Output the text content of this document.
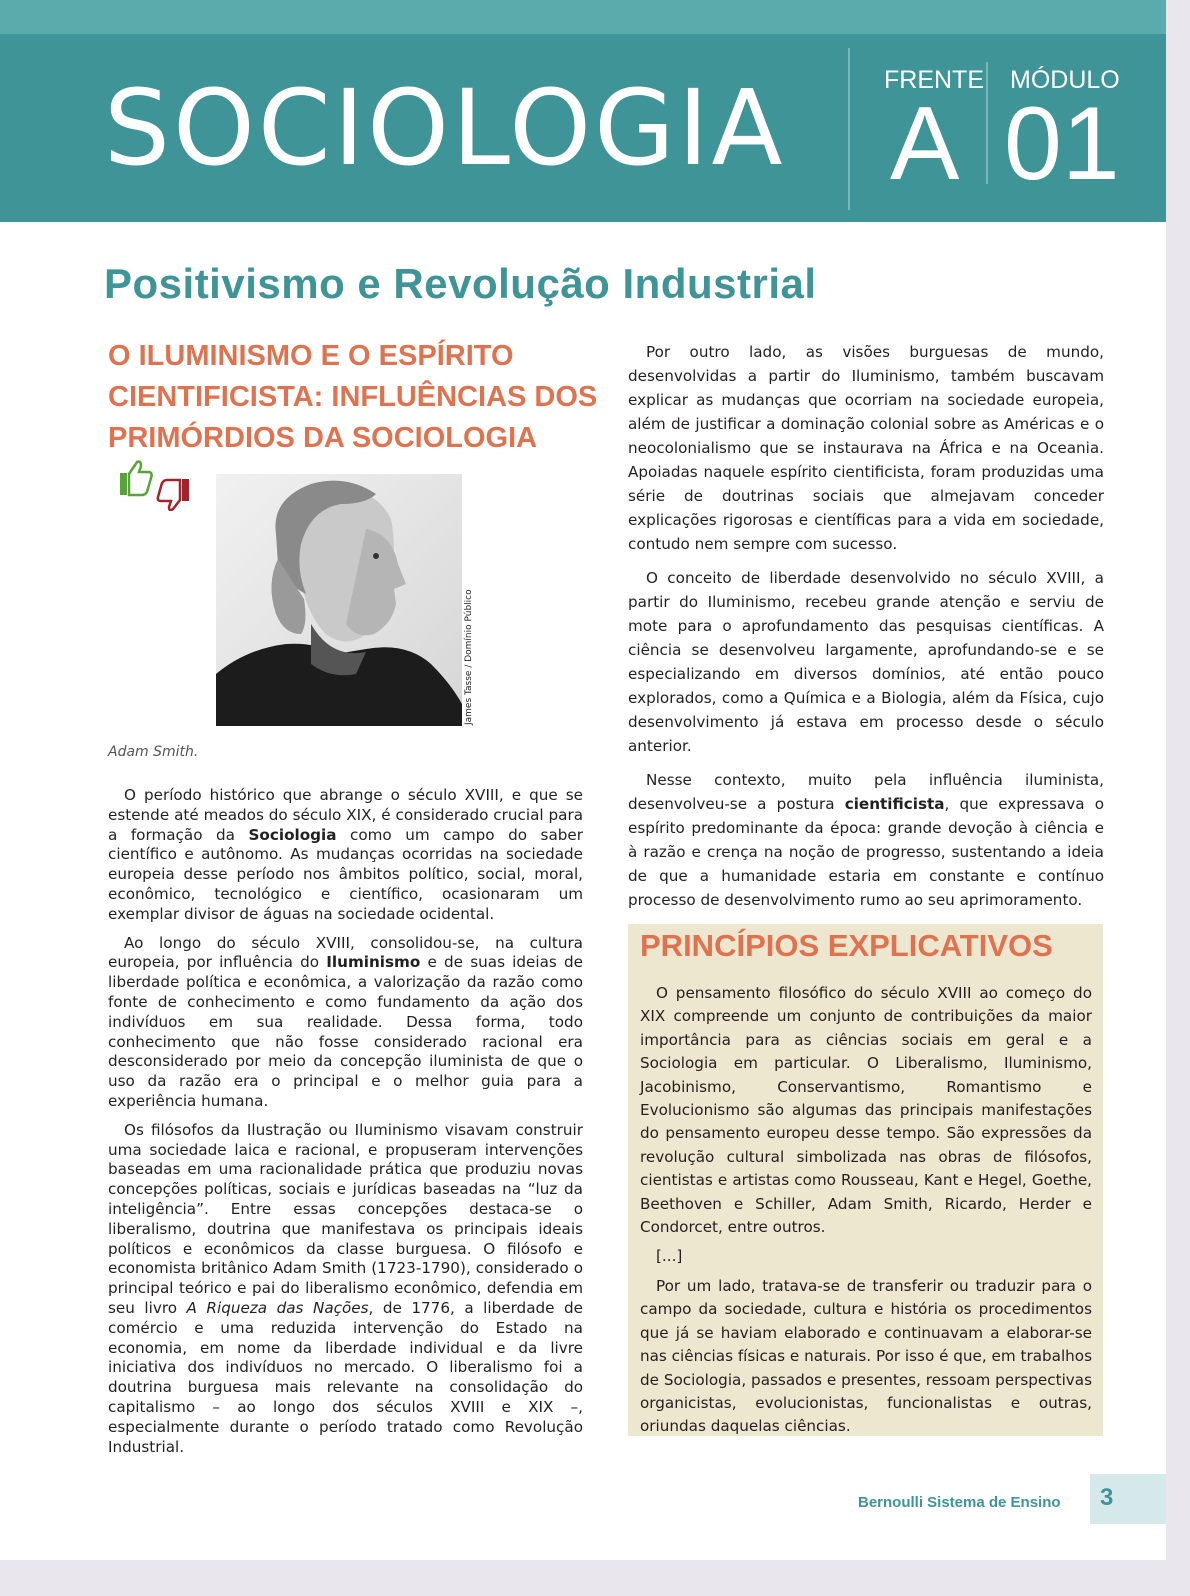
SOCIOLOGIA	FRENTE
A
MÓDULO
01
Positivismo e Revolução Industrial
O ILUMINISMO E O ESPÍRITO CIENTIFICISTA: INFLUÊNCIAS DOS PRIMÓRDIOS DA SOCIOLOGIA
James Tasse / Domínio Público
Adam Smith.

O período histórico que abrange o século XVIII, e que se estende até meados do século XIX, é considerado crucial para a formação da Sociologia como um campo do saber científico e autônomo. As mudanças ocorridas na sociedade europeia desse período nos âmbitos político, social, moral, econômico, tecnológico e científico, ocasionaram um exemplar divisor de águas na sociedade ocidental.

Ao longo do século XVIII, consolidou-se, na cultura europeia, por influência do Iluminismo e de suas ideias de liberdade política e econômica, a valorização da razão como fonte de conhecimento e como fundamento da ação dos indivíduos em sua realidade. Dessa forma, todo conhecimento que não fosse considerado racional era desconsiderado por meio da concepção iluminista de que o uso da razão era o principal e o melhor guia para a experiência humana.

Os filósofos da Ilustração ou Iluminismo visavam construir uma sociedade laica e racional, e propuseram intervenções baseadas em uma racionalidade prática que produziu novas concepções políticas, sociais e jurídicas baseadas na “luz da inteligência”. Entre essas concepções destaca-se o liberalismo, doutrina que manifestava os principais ideais políticos e econômicos da classe burguesa. O filósofo e economista britânico Adam Smith (1723-1790), considerado o principal teórico e pai do liberalismo econômico, defendia em seu livro A Riqueza das Nações, de 1776, a liberdade de comércio e uma reduzida intervenção do Estado na economia, em nome da liberdade individual e da livre iniciativa dos indivíduos no mercado. O liberalismo foi a doutrina burguesa mais relevante na consolidação do capitalismo – ao longo dos séculos XVIII e XIX –, especialmente durante o período tratado como Revolução Industrial.

Por outro lado, as visões burguesas de mundo, desenvolvidas a partir do Iluminismo, também buscavam explicar as mudanças que ocorriam na sociedade europeia, além de justificar a dominação colonial sobre as Américas e o neocolonialismo que se instaurava na África e na Oceania. Apoiadas naquele espírito cientificista, foram produzidas uma série de doutrinas sociais que almejavam conceder explicações rigorosas e científicas para a vida em sociedade, contudo nem sempre com sucesso.

O conceito de liberdade desenvolvido no século XVIII, a partir do Iluminismo, recebeu grande atenção e serviu de mote para o aprofundamento das pesquisas científicas. A ciência se desenvolveu largamente, aprofundando-se e se especializando em diversos domínios, até então pouco explorados, como a Química e a Biologia, além da Física, cujo desenvolvimento já estava em processo desde o século anterior.

Nesse contexto, muito pela influência iluminista, desenvolveu-se a postura cientificista, que expressava o espírito predominante da época: grande devoção à ciência e à razão e crença na noção de progresso, sustentando a ideia de que a humanidade estaria em constante e contínuo processo de desenvolvimento rumo ao seu aprimoramento.

PRINCÍPIOS EXPLICATIVOS

O pensamento filosófico do século XVIII ao começo do XIX compreende um conjunto de contribuições da maior importância para as ciências sociais em geral e a Sociologia em particular. O Liberalismo, Iluminismo, Jacobinismo, Conservantismo, Romantismo e Evolucionismo são algumas das principais manifestações do pensamento europeu desse tempo. São expressões da revolução cultural simbolizada nas obras de filósofos, cientistas e artistas como Rousseau, Kant e Hegel, Goethe, Beethoven e Schiller, Adam Smith, Ricardo, Herder e Condorcet, entre outros.

[...]

Por um lado, tratava-se de transferir ou traduzir para o campo da sociedade, cultura e história os procedimentos que já se haviam elaborado e continuavam a elaborar-se nas ciências físicas e naturais. Por isso é que, em trabalhos de Sociologia, passados e presentes, ressoam perspectivas organicistas, evolucionistas, funcionalistas e outras, oriundas daquelas ciências.

Bernoulli Sistema de Ensino 3
